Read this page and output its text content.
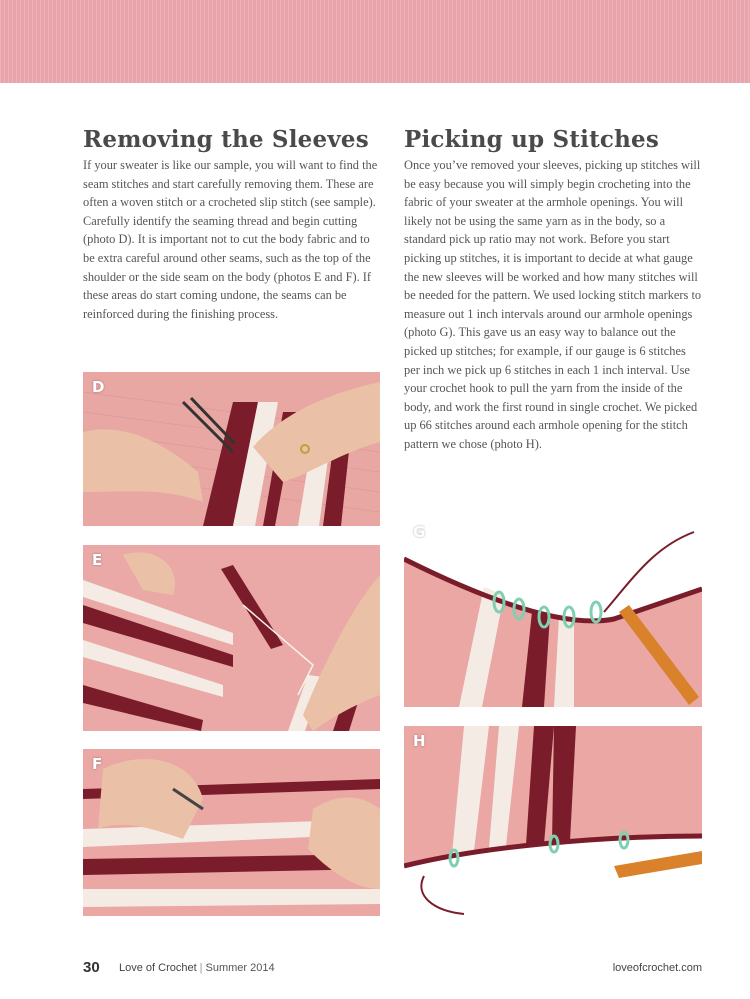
Removing the Sleeves

If your sweater is like our sample, you will want to find the seam stitches and start carefully removing them. These are often a woven stitch or a crocheted slip stitch (see sample). Carefully identify the seaming thread and begin cutting (photo D). It is important not to cut the body fabric and to be extra careful around other seams, such as the top of the shoulder or the side seam on the body (photos E and F). If these areas do start coming undone, the seams can be reinforced during the finishing process.

Picking up Stitches

Once you’ve removed your sleeves, picking up stitches will be easy because you will simply begin crocheting into the fabric of your sweater at the armhole openings. You will likely not be using the same yarn as in the body, so a standard pick up ratio may not work. Before you start picking up stitches, it is important to decide at what gauge the new sleeves will be worked and how many stitches will be needed for the pattern. We used locking stitch markers to measure out 1 inch intervals around our armhole openings (photo G). This gave us an easy way to balance out the picked up stitches; for example, if our gauge is 6 stitches per inch we pick up 6 stitches in each 1 inch interval. Use your crochet hook to pull the yarn from the inside of the body, and work the first round in single crochet. We picked up 66 stitches around each armhole opening for the stitch pattern we chose (photo H).

D
E
F
G
H
30 Love of Crochet | Summer 2014	loveofcrochet.com
